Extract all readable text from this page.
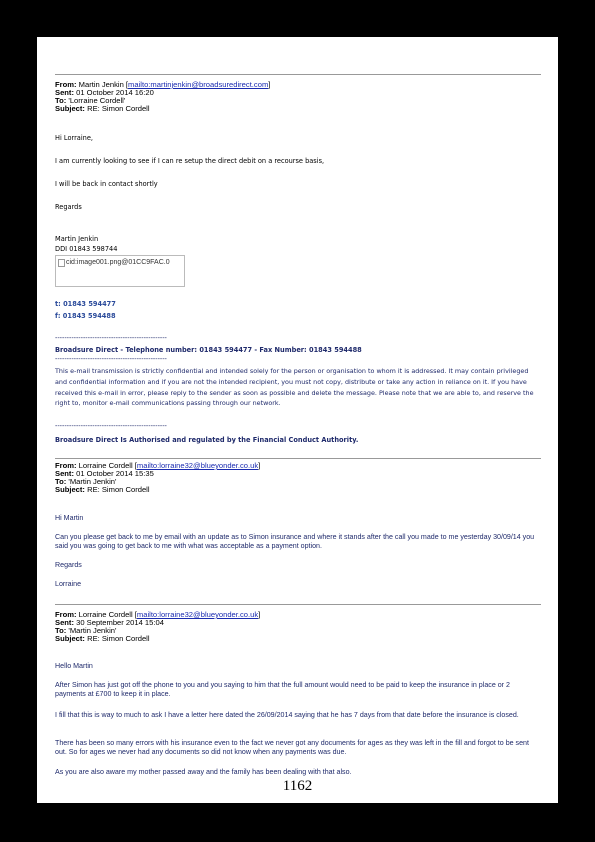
From: Martin Jenkin [mailto:martinjenkin@broadsuredirect.com]
Sent: 01 October 2014 16:20
To: 'Lorraine Cordell'
Subject: RE: Simon Cordell
Hi Lorraine,
I am currently looking to see if I can re setup the direct debit on a recourse basis,
I will be back in contact shortly
Regards
Martin Jenkin
DDI 01843 598744
cid:image001.png@01CC9FAC.0
t: 01843 594477
f: 01843 594488
------------------------------------------------
Broadsure Direct - Telephone number: 01843 594477 - Fax Number: 01843 594488
------------------------------------------------
This e-mail transmission is strictly confidential and intended solely for the person or organisation to whom it is addressed. It may contain privileged and confidential information and if you are not the intended recipient, you must not copy, distribute or take any action in reliance on it. If you have received this e-mail in error, please reply to the sender as soon as possible and delete the message. Please note that we are able to, and reserve the right to, monitor e-mail communications passing through our network.
------------------------------------------------
Broadsure Direct Is Authorised and regulated by the Financial Conduct Authority.
From: Lorraine Cordell [mailto:lorraine32@blueyonder.co.uk]
Sent: 01 October 2014 15:35
To: 'Martin Jenkin'
Subject: RE: Simon Cordell
Hi Martin
Can you please get back to me by email with an update as to Simon insurance and where it stands after the call you made to me yesterday 30/09/14 you said you was going to get back to me with what was acceptable as a payment option.
Regards
Lorraine
From: Lorraine Cordell [mailto:lorraine32@blueyonder.co.uk]
Sent: 30 September 2014 15:04
To: 'Martin Jenkin'
Subject: RE: Simon Cordell
Hello Martin
After Simon has just got off the phone to you and you saying to him that the full amount would need to be paid to keep the insurance in place or 2 payments at £700 to keep it in place.
I fill that this is way to much to ask I have a letter here dated the 26/09/2014 saying that he has 7 days from that date before the insurance is closed.
There has been so many errors with his insurance even to the fact we never got any documents for ages as they was left in the fill and forgot to be sent out. So for ages we never had any documents so did not know when any payments was due.
As you are also aware my mother passed away and the family has been dealing with that also.
1162
